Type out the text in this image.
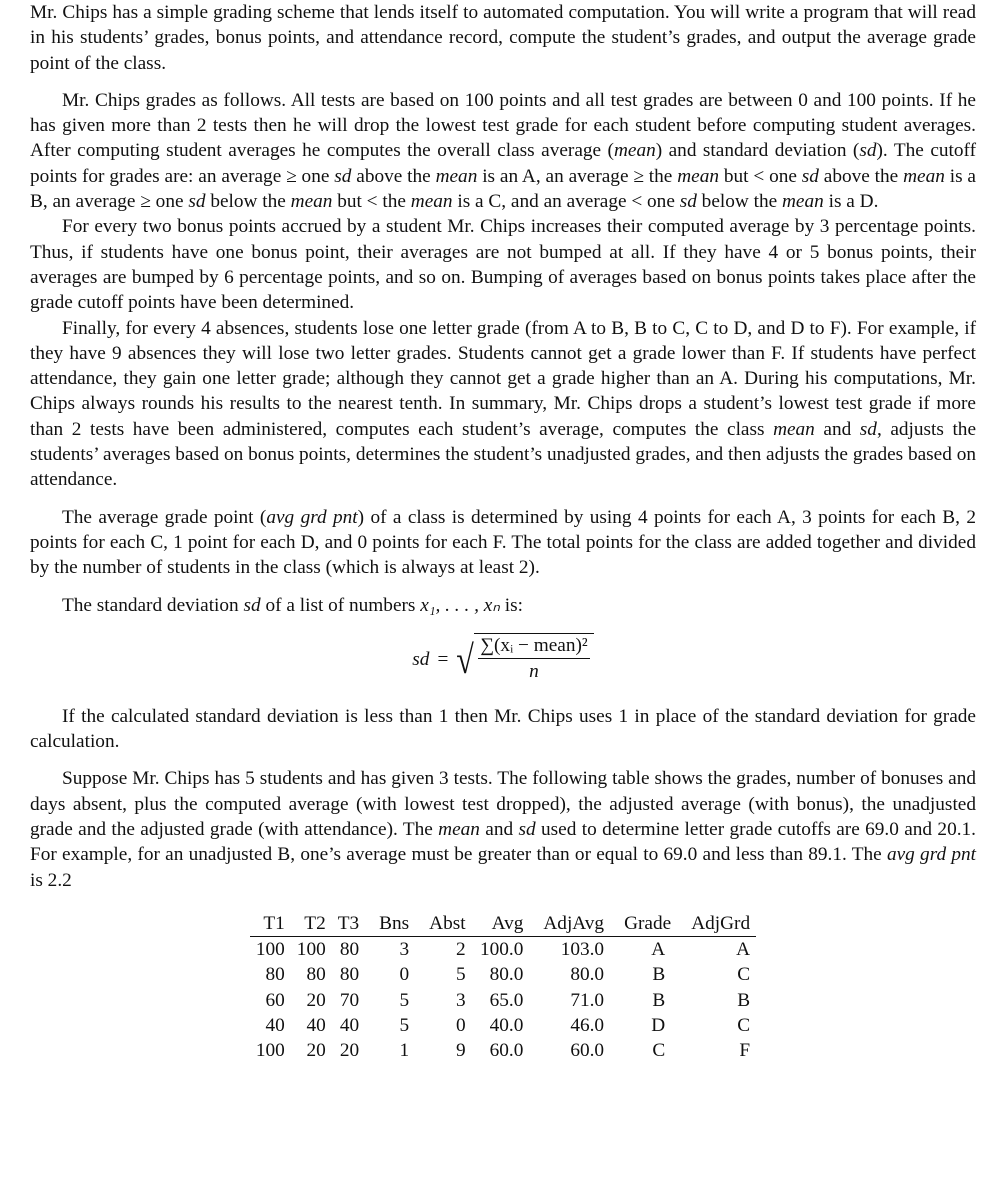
Mr. Chips has a simple grading scheme that lends itself to automated computation. You will write a program that will read in his students’ grades, bonus points, and attendance record, compute the student’s grades, and output the average grade point of the class.

Mr. Chips grades as follows. All tests are based on 100 points and all test grades are between 0 and 100 points. If he has given more than 2 tests then he will drop the lowest test grade for each student before computing student averages. After computing student averages he computes the overall class average (mean) and standard deviation (sd). The cutoff points for grades are: an average ≥ one sd above the mean is an A, an average ≥ the mean but < one sd above the mean is a B, an average ≥ one sd below the mean but < the mean is a C, and an average < one sd below the mean is a D.

For every two bonus points accrued by a student Mr. Chips increases their computed average by 3 percentage points. Thus, if students have one bonus point, their averages are not bumped at all. If they have 4 or 5 bonus points, their averages are bumped by 6 percentage points, and so on. Bumping of averages based on bonus points takes place after the grade cutoff points have been determined.

Finally, for every 4 absences, students lose one letter grade (from A to B, B to C, C to D, and D to F). For example, if they have 9 absences they will lose two letter grades. Students cannot get a grade lower than F. If students have perfect attendance, they gain one letter grade; although they cannot get a grade higher than an A. During his computations, Mr. Chips always rounds his results to the nearest tenth. In summary, Mr. Chips drops a student’s lowest test grade if more than 2 tests have been administered, computes each student’s average, computes the class mean and sd, adjusts the students’ averages based on bonus points, determines the student’s unadjusted grades, and then adjusts the grades based on attendance.

The average grade point (avg grd pnt) of a class is determined by using 4 points for each A, 3 points for each B, 2 points for each C, 1 point for each D, and 0 points for each F. The total points for the class are added together and divided by the number of students in the class (which is always at least 2).

The standard deviation sd of a list of numbers x₁, . . . , xₙ is:

sd = √ $\frac{\text{∑(xᵢ − mean)²}}{n}$

If the calculated standard deviation is less than 1 then Mr. Chips uses 1 in place of the standard deviation for grade calculation.

Suppose Mr. Chips has 5 students and has given 3 tests. The following table shows the grades, number of bonuses and days absent, plus the computed average (with lowest test dropped), the adjusted average (with bonus), the unadjusted grade and the adjusted grade (with attendance). The mean and sd used to determine letter grade cutoffs are 69.0 and 20.1. For example, for an unadjusted B, one’s average must be greater than or equal to 69.0 and less than 89.1. The avg grd pnt is 2.2

T1	T2	T3	Bns	Abst	Avg	AdjAvg	Grade	AdjGrd
100	100	80	3	2	100.0	103.0	A	A
80	80	80	0	5	80.0	80.0	B	C
60	20	70	5	3	65.0	71.0	B	B
40	40	40	5	0	40.0	46.0	D	C
100	20	20	1	9	60.0	60.0	C	F
